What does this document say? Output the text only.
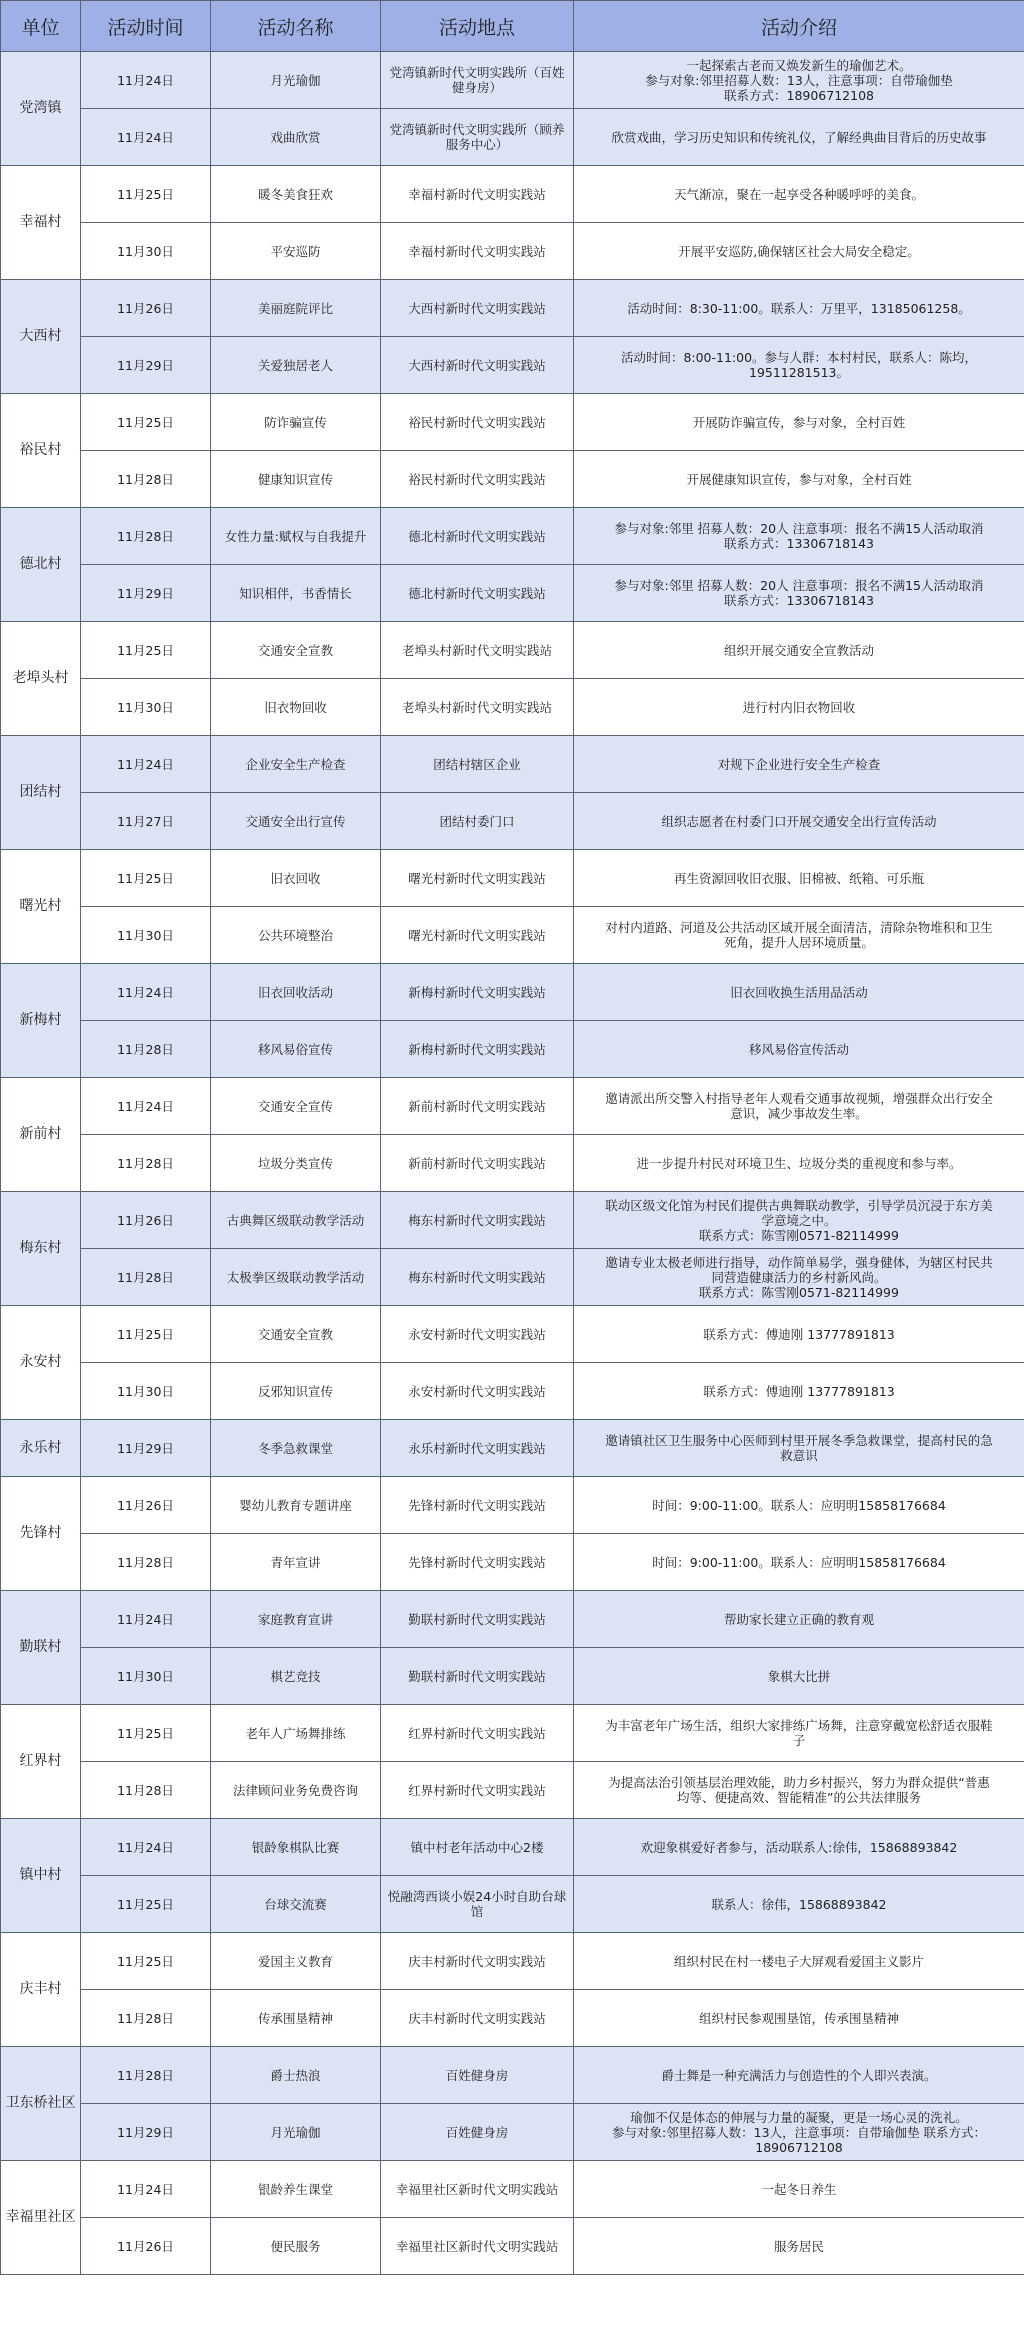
单位	活动时间	活动名称	活动地点	活动介绍
党湾镇	11月24日	月光瑜伽	党湾镇新时代文明实践所（百姓健身房）	一起探索古老而又焕发新生的瑜伽艺术。
参与对象:邻里招募人数：13人，注意事项：自带瑜伽垫
联系方式：18906712108

	11月24日	戏曲欣赏	党湾镇新时代文明实践所（顾养服务中心）	欣赏戏曲，学习历史知识和传统礼仪，了解经典曲目背后的历史故事

幸福村	11月25日	暖冬美食狂欢	幸福村新时代文明实践站	天气渐凉，聚在一起享受各种暖呼呼的美食。

	11月30日	平安巡防	幸福村新时代文明实践站	开展平安巡防,确保辖区社会大局安全稳定。

大西村	11月26日	美丽庭院评比	大西村新时代文明实践站	活动时间：8:30-11:00。联系人：万里平，13185061258。

	11月29日	关爱独居老人	大西村新时代文明实践站	活动时间：8:00-11:00。参与人群：本村村民，联系人：陈均，
19511281513。

裕民村	11月25日	防诈骗宣传	裕民村新时代文明实践站	开展防诈骗宣传，参与对象，全村百姓

	11月28日	健康知识宣传	裕民村新时代文明实践站	开展健康知识宣传，参与对象，全村百姓

德北村	11月28日	女性力量:赋权与自我提升	德北村新时代文明实践站	参与对象:邻里 招募人数：20人 注意事项：报名不满15人活动取消
联系方式：13306718143

	11月29日	知识相伴，书香情长	德北村新时代文明实践站	参与对象:邻里 招募人数：20人 注意事项：报名不满15人活动取消
联系方式：13306718143

老埠头村	11月25日	交通安全宣教	老埠头村新时代文明实践站	组织开展交通安全宣教活动

	11月30日	旧衣物回收	老埠头村新时代文明实践站	进行村内旧衣物回收

团结村	11月24日	企业安全生产检查	团结村辖区企业	对规下企业进行安全生产检查

	11月27日	交通安全出行宣传	团结村委门口	组织志愿者在村委门口开展交通安全出行宣传活动

曙光村	11月25日	旧衣回收	曙光村新时代文明实践站	再生资源回收旧衣服、旧棉被、纸箱、可乐瓶

	11月30日	公共环境整治	曙光村新时代文明实践站	对村内道路、河道及公共活动区域开展全面清洁，清除杂物堆积和卫生
死角，提升人居环境质量。

新梅村	11月24日	旧衣回收活动	新梅村新时代文明实践站	旧衣回收换生活用品活动

	11月28日	移风易俗宣传	新梅村新时代文明实践站	移风易俗宣传活动

新前村	11月24日	交通安全宣传	新前村新时代文明实践站	邀请派出所交警入村指导老年人观看交通事故视频，增强群众出行安全
意识，减少事故发生率。

	11月28日	垃圾分类宣传	新前村新时代文明实践站	进一步提升村民对环境卫生、垃圾分类的重视度和参与率。

梅东村	11月26日	古典舞区级联动教学活动	梅东村新时代文明实践站	联动区级文化馆为村民们提供古典舞联动教学，引导学员沉浸于东方美
学意境之中。
联系方式：陈雪刚0571-82114999

	11月28日	太极拳区级联动教学活动	梅东村新时代文明实践站	邀请专业太极老师进行指导，动作简单易学，强身健体，为辖区村民共
同营造健康活力的乡村新风尚。
联系方式：陈雪刚0571-82114999

永安村	11月25日	交通安全宣教	永安村新时代文明实践站	联系方式：傅迪刚 13777891813

	11月30日	反邪知识宣传	永安村新时代文明实践站	联系方式：傅迪刚 13777891813

永乐村	11月29日	冬季急救课堂	永乐村新时代文明实践站	邀请镇社区卫生服务中心医师到村里开展冬季急救课堂，提高村民的急
救意识

先锋村	11月26日	婴幼儿教育专题讲座	先锋村新时代文明实践站	时间：9:00-11:00。联系人：应明明15858176684

	11月28日	青年宣讲	先锋村新时代文明实践站	时间：9:00-11:00。联系人：应明明15858176684

勤联村	11月24日	家庭教育宣讲	勤联村新时代文明实践站	帮助家长建立正确的教育观

	11月30日	棋艺竞技	勤联村新时代文明实践站	象棋大比拼

红界村	11月25日	老年人广场舞排练	红界村新时代文明实践站	为丰富老年广场生活，组织大家排练广场舞，注意穿戴宽松舒适衣服鞋
子

	11月28日	法律顾问业务免费咨询	红界村新时代文明实践站	为提高法治引领基层治理效能，助力乡村振兴，努力为群众提供“普惠
均等、便捷高效、智能精准”的公共法律服务

镇中村	11月24日	银龄象棋队比赛	镇中村老年活动中心2楼	欢迎象棋爱好者参与，活动联系人:徐伟，15868893842

	11月25日	台球交流赛	悦融湾西谈小娱24小时自助台球馆	联系人：徐伟，15868893842

庆丰村	11月25日	爱国主义教育	庆丰村新时代文明实践站	组织村民在村一楼电子大屏观看爱国主义影片

	11月28日	传承围垦精神	庆丰村新时代文明实践站	组织村民参观围垦馆，传承围垦精神

卫东桥社区	11月28日	爵士热浪	百姓健身房	爵士舞是一种充满活力与创造性的个人即兴表演。

	11月29日	月光瑜伽	百姓健身房	瑜伽不仅是体态的伸展与力量的凝聚，更是一场心灵的洗礼。
参与对象:邻里招募人数：13人，注意事项：自带瑜伽垫 联系方式：
18906712108

幸福里社区	11月24日	银龄养生课堂	幸福里社区新时代文明实践站	一起冬日养生

	11月26日	便民服务	幸福里社区新时代文明实践站	服务居民
